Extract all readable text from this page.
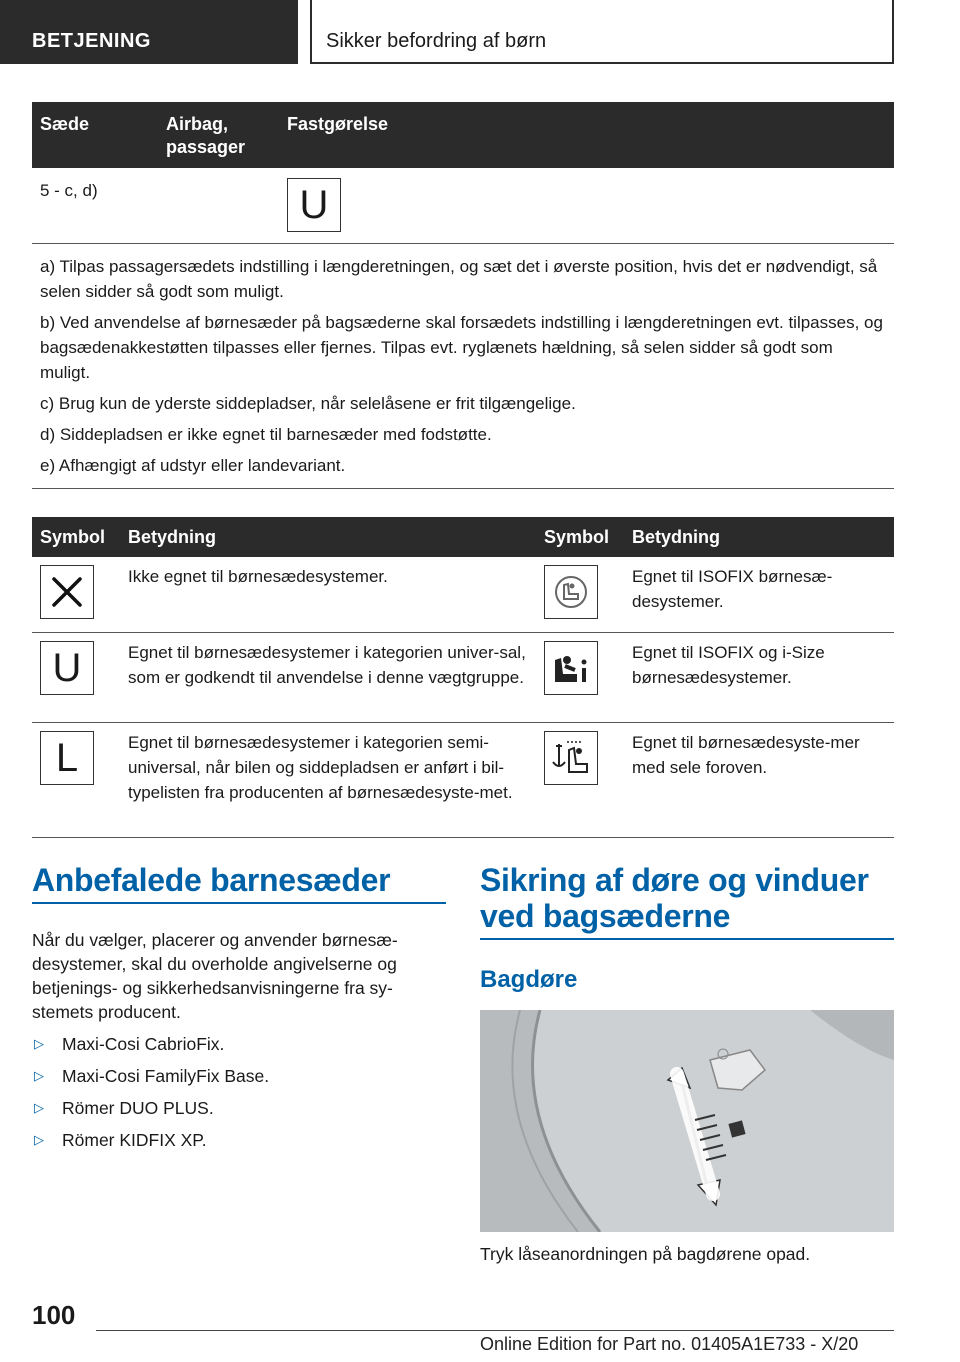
BETJENING	Sikker befordring af børn
Sæde	Airbag, passager	Fastgørelse
5 - c, d)		U

a) Tilpas passagersædets indstilling i længderetningen, og sæt det i øverste position, hvis det er nødvendigt, så selen sidder så godt som muligt.

b) Ved anvendelse af børnesæder på bagsæderne skal forsædets indstilling i længderetningen evt. tilpasses, og bagsædenakkestøtten tilpasses eller fjernes. Tilpas evt. ryglænets hældning, så selen sidder så godt som muligt.

c) Brug kun de yderste siddepladser, når selelåsene er frit tilgængelige.

d) Siddepladsen er ikke egnet til barnesæder med fodstøtte.

e) Afhængigt af udstyr eller landevariant.		

Symbol	Betydning	Symbol	Betydning

	Ikke egnet til børnesædesystemer.		Egnet til ISOFIX børnesæ-desystemer.

U	Egnet til børnesædesystemer i kategorien univer-sal, som er godkendt til anvendelse i denne vægtgruppe.		Egnet til ISOFIX og i-Size børnesædesystemer.

L	Egnet til børnesædesystemer i kategorien semi-universal, når bilen og siddepladsen er anført i bil-typelisten fra producenten af børnesædesyste-met.		Egnet til børnesædesyste-mer med sele foroven.
Anbefalede barnesæder
Når du vælger, placerer og anvender børnesæ-desystemer, skal du overholde angivelserne og betjenings- og sikkerhedsanvisningerne fra sy-stemets producent.
▷ Maxi-Cosi CabrioFix.
▷ Maxi-Cosi FamilyFix Base.
▷ Römer DUO PLUS.
▷ Römer KIDFIX XP.
Sikring af døre og vinduer
ved bagsæderne
Bagdøre
Tryk låseanordningen på bagdørene opad.
100
Online Edition for Part no. 01405A1E733 - X/20
